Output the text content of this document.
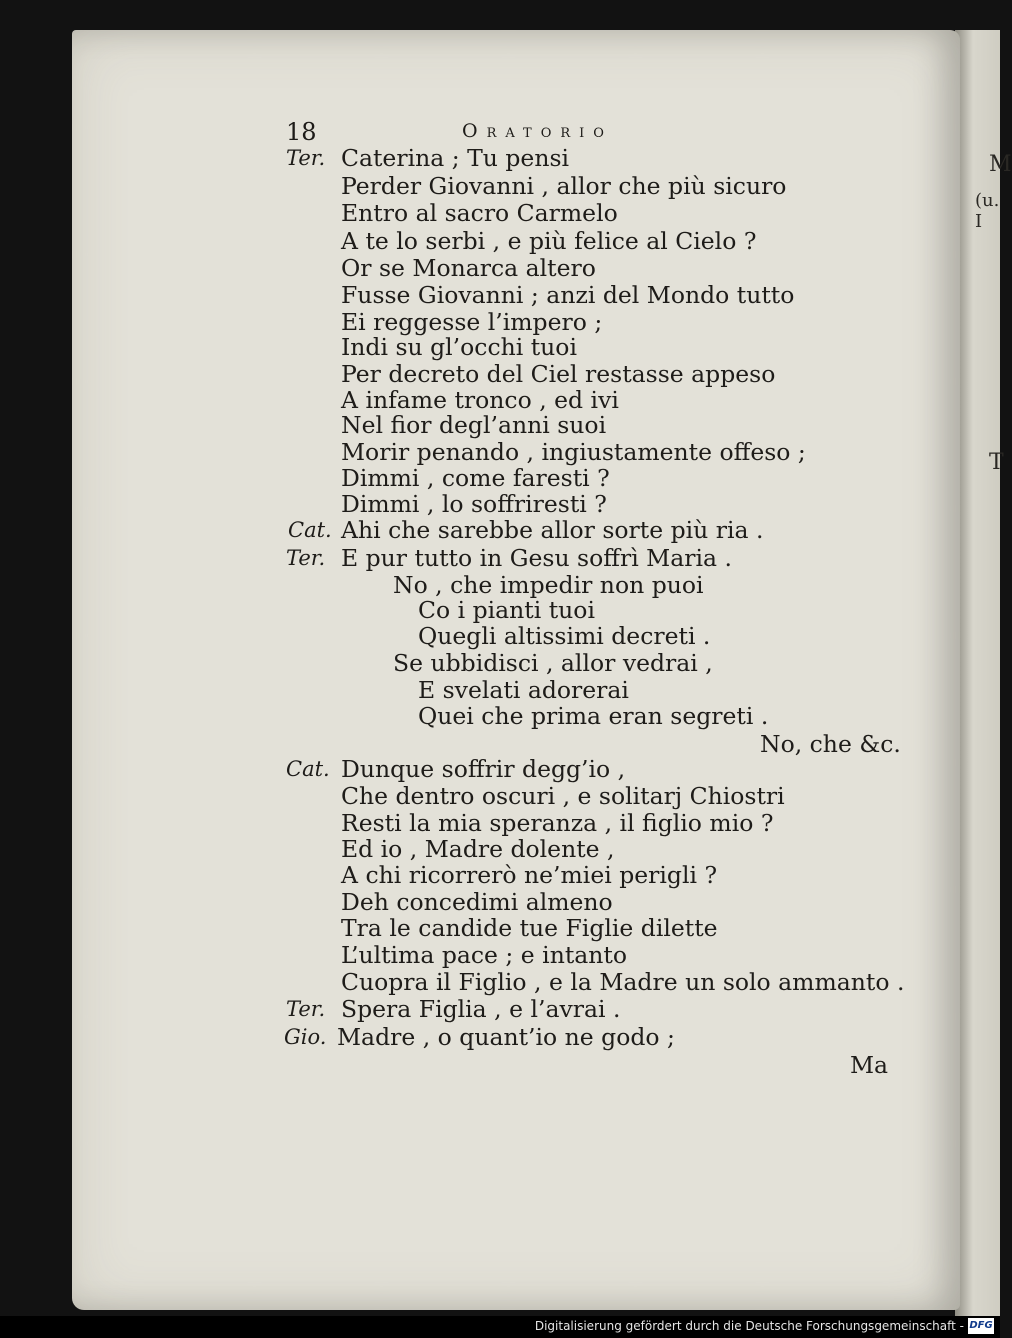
M
(u. I
T
18	Oratorio
Ter.
Cat.
Ter.
Cat.
Ter.
Gio.
Caterina ; Tu pensi
Perder Giovanni , allor che più sicuro
Entro al sacro Carmelo
A te lo serbi , e più felice al Cielo ?
Or se Monarca altero
Fusse Giovanni ; anzi del Mondo tutto
Ei reggesse l’impero ;
Indi su gl’occhi tuoi
Per decreto del Ciel restasse appeso
A infame tronco , ed ivi
Nel fior degl’anni suoi
Morir penando , ingiustamente offeso ;
Dimmi , come faresti ?
Dimmi , lo soffriresti ?
Ahi che sarebbe allor sorte più ria .
E pur tutto in Gesu soffrì Maria .
No , che impedir non puoi
Co i pianti tuoi
Quegli altissimi decreti .
Se ubbidisci , allor vedrai ,
E svelati adorerai
Quei che prima eran segreti .
No, che &c.
Dunque soffrir degg’io ,
Che dentro oscuri , e solitarj Chiostri
Resti la mia speranza , il figlio mio ?
Ed io , Madre dolente ,
A chi ricorrerò ne’miei perigli ?
Deh concedimi almeno
Tra le candide tue Figlie dilette
L’ultima pace ; e intanto
Cuopra il Figlio , e la Madre un solo ammanto .
Spera Figlia , e l’avrai .
Madre , o quant’io ne godo ;
Ma
Digitalisierung gefördert durch die Deutsche Forschungsgemeinschaft - DFG
